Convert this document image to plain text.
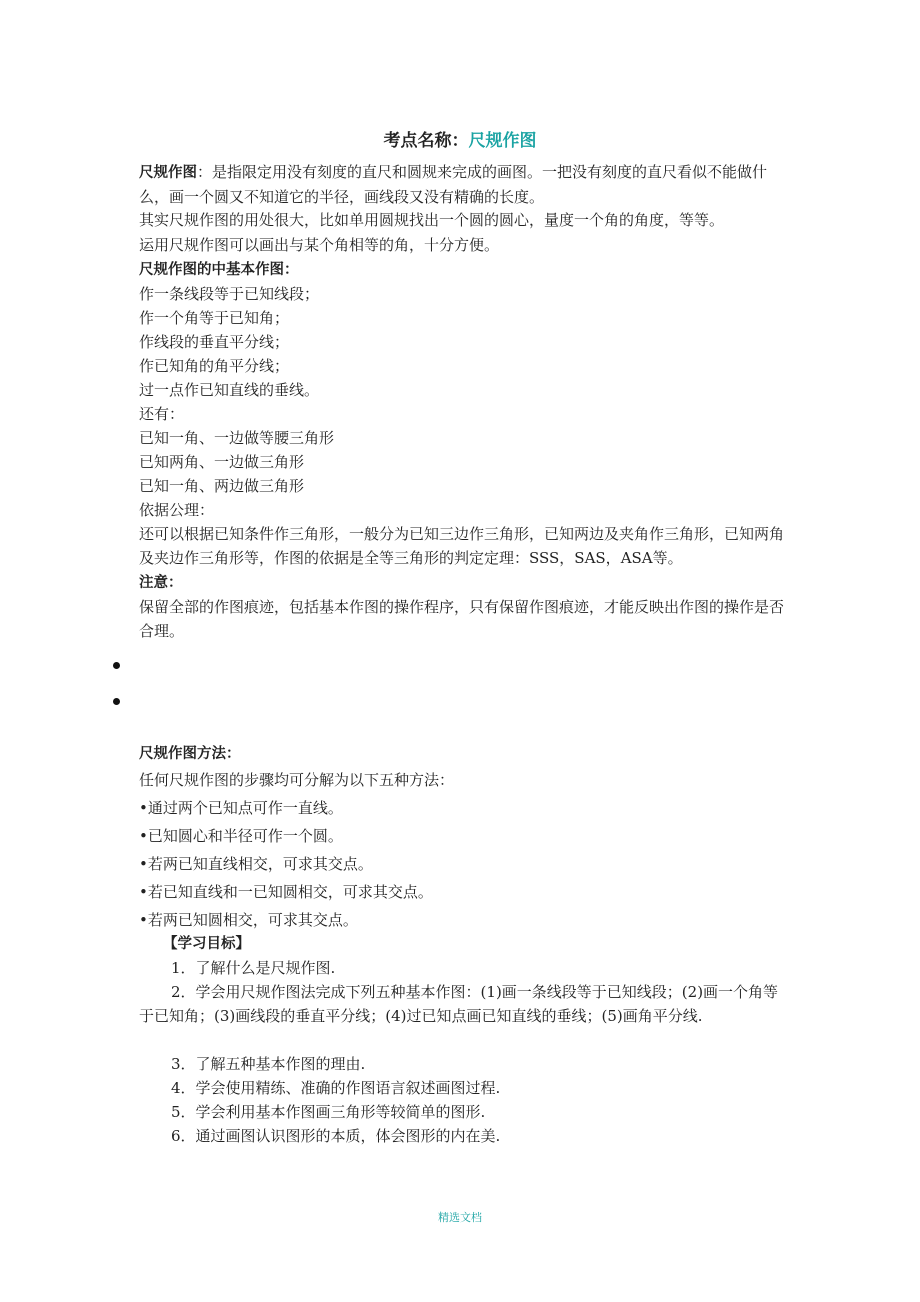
考点名称：尺规作图
尺规作图：是指限定用没有刻度的直尺和圆规来完成的画图。一把没有刻度的直尺看似不能做什么，画一个圆又不知道它的半径，画线段又没有精确的长度。
其实尺规作图的用处很大，比如单用圆规找出一个圆的圆心，量度一个角的角度，等等。
运用尺规作图可以画出与某个角相等的角，十分方便。
尺规作图的中基本作图：
作一条线段等于已知线段；
作一个角等于已知角；
作线段的垂直平分线；
作已知角的角平分线；
过一点作已知直线的垂线。
还有：
已知一角、一边做等腰三角形
已知两角、一边做三角形
已知一角、两边做三角形
依据公理：
还可以根据已知条件作三角形，一般分为已知三边作三角形，已知两边及夹角作三角形，已知两角及夹边作三角形等，作图的依据是全等三角形的判定定理：SSS，SAS，ASA等。
注意：
保留全部的作图痕迹，包括基本作图的操作程序，只有保留作图痕迹，才能反映出作图的操作是否合理。
尺规作图方法：
任何尺规作图的步骤均可分解为以下五种方法：
•通过两个已知点可作一直线。
•已知圆心和半径可作一个圆。
•若两已知直线相交，可求其交点。
•若已知直线和一已知圆相交，可求其交点。
•若两已知圆相交，可求其交点。
【学习目标】
1．了解什么是尺规作图.
2．学会用尺规作图法完成下列五种基本作图：(1)画一条线段等于已知线段；(2)画一个角等于已知角；(3)画线段的垂直平分线；(4)过已知点画已知直线的垂线；(5)画角平分线.
3．了解五种基本作图的理由.
4．学会使用精练、准确的作图语言叙述画图过程.
5．学会利用基本作图画三角形等较简单的图形.
6．通过画图认识图形的本质，体会图形的内在美.
精选文档
